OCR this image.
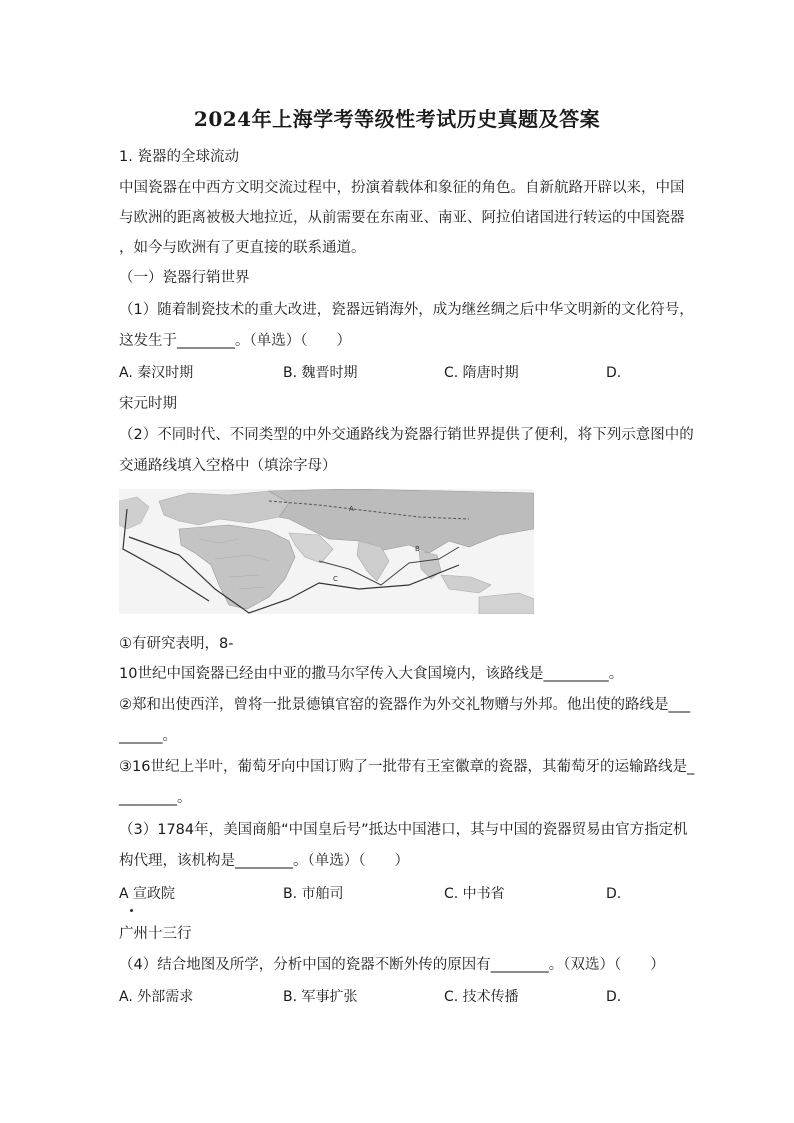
2024年上海学考等级性考试历史真题及答案
1. 瓷器的全球流动
中国瓷器在中西方文明交流过程中，扮演着载体和象征的角色。自新航路开辟以来，中国
与欧洲的距离被极大地拉近，从前需要在东南亚、南亚、阿拉伯诸国进行转运的中国瓷器
，如今与欧洲有了更直接的联系通道。
（一）瓷器行销世界
（1）随着制瓷技术的重大改进，瓷器远销海外，成为继丝绸之后中华文明新的文化符号，
这发生于________。（单选）（　　）
A. 秦汉时期	B. 魏晋时期	C. 隋唐时期	D.
宋元时期
（2）不同时代、不同类型的中外交通路线为瓷器行销世界提供了便利，将下列示意图中的
交通路线填入空格中（填涂字母）
A
B
C
①有研究表明，8-
10世纪中国瓷器已经由中亚的撒马尔罕传入大食国境内，该路线是_________。
②郑和出使西洋，曾将一批景德镇官窑的瓷器作为外交礼物赠与外邦。他出使的路线是___
______。
③16世纪上半叶，葡萄牙向中国订购了一批带有王室徽章的瓷器，其葡萄牙的运输路线是_
________。
（3）1784年，美国商船“中国皇后号”抵达中国港口，其与中国的瓷器贸易由官方指定机
构代理，该机构是________。（单选）（　　）
A 宣政院	B. 市舶司	C. 中书省	D.
广州十三行
（4）结合地图及所学，分析中国的瓷器不断外传的原因有________。（双选）（　　）
A. 外部需求	B. 军事扩张	C. 技术传播	D.
